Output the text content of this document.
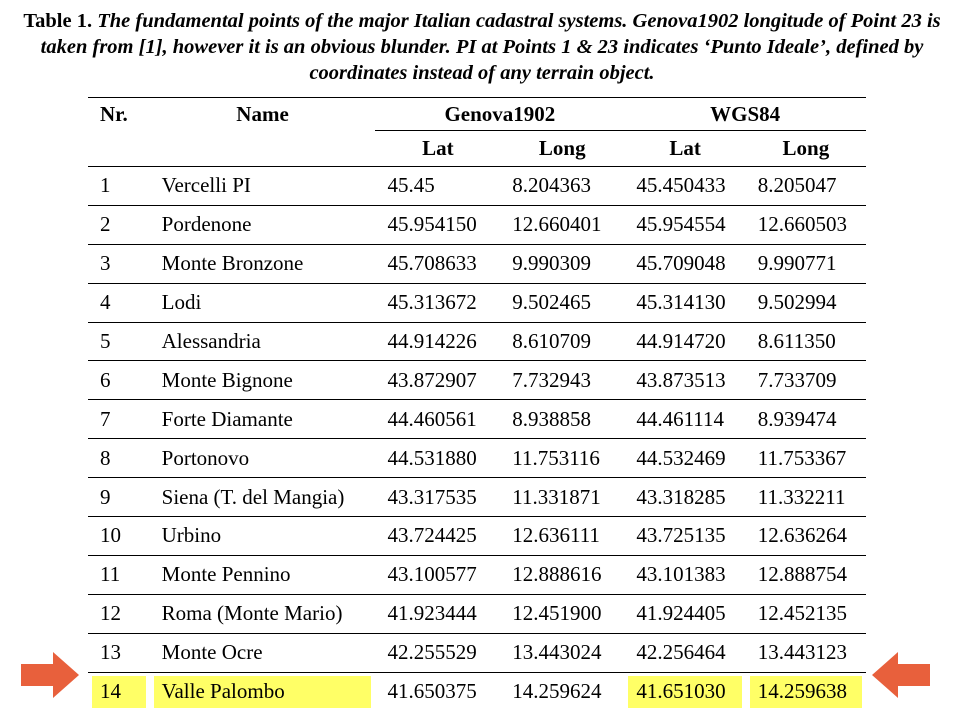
Table 1. The fundamental points of the major Italian cadastral systems. Genova1902 longitude of Point 23 is taken from [1], however it is an obvious blunder. PI at Points 1 & 23 indicates ‘Punto Ideale’, defined by coordinates instead of any terrain object.
Nr.	Name	Genova1902		WGS84	
		Lat	Long	Lat	Long
1	Vercelli PI	45.45	8.204363	45.450433	8.205047
2	Pordenone	45.954150	12.660401	45.954554	12.660503
3	Monte Bronzone	45.708633	9.990309	45.709048	9.990771
4	Lodi	45.313672	9.502465	45.314130	9.502994
5	Alessandria	44.914226	8.610709	44.914720	8.611350
6	Monte Bignone	43.872907	7.732943	43.873513	7.733709
7	Forte Diamante	44.460561	8.938858	44.461114	8.939474
8	Portonovo	44.531880	11.753116	44.532469	11.753367
9	Siena (T. del Mangia)	43.317535	11.331871	43.318285	11.332211
10	Urbino	43.724425	12.636111	43.725135	12.636264
11	Monte Pennino	43.100577	12.888616	43.101383	12.888754
12	Roma (Monte Mario)	41.923444	12.451900	41.924405	12.452135
13	Monte Ocre	42.255529	13.443024	42.256464	13.443123

14	Valle Palombo	41.650375	14.259624	41.651030	14.259638
